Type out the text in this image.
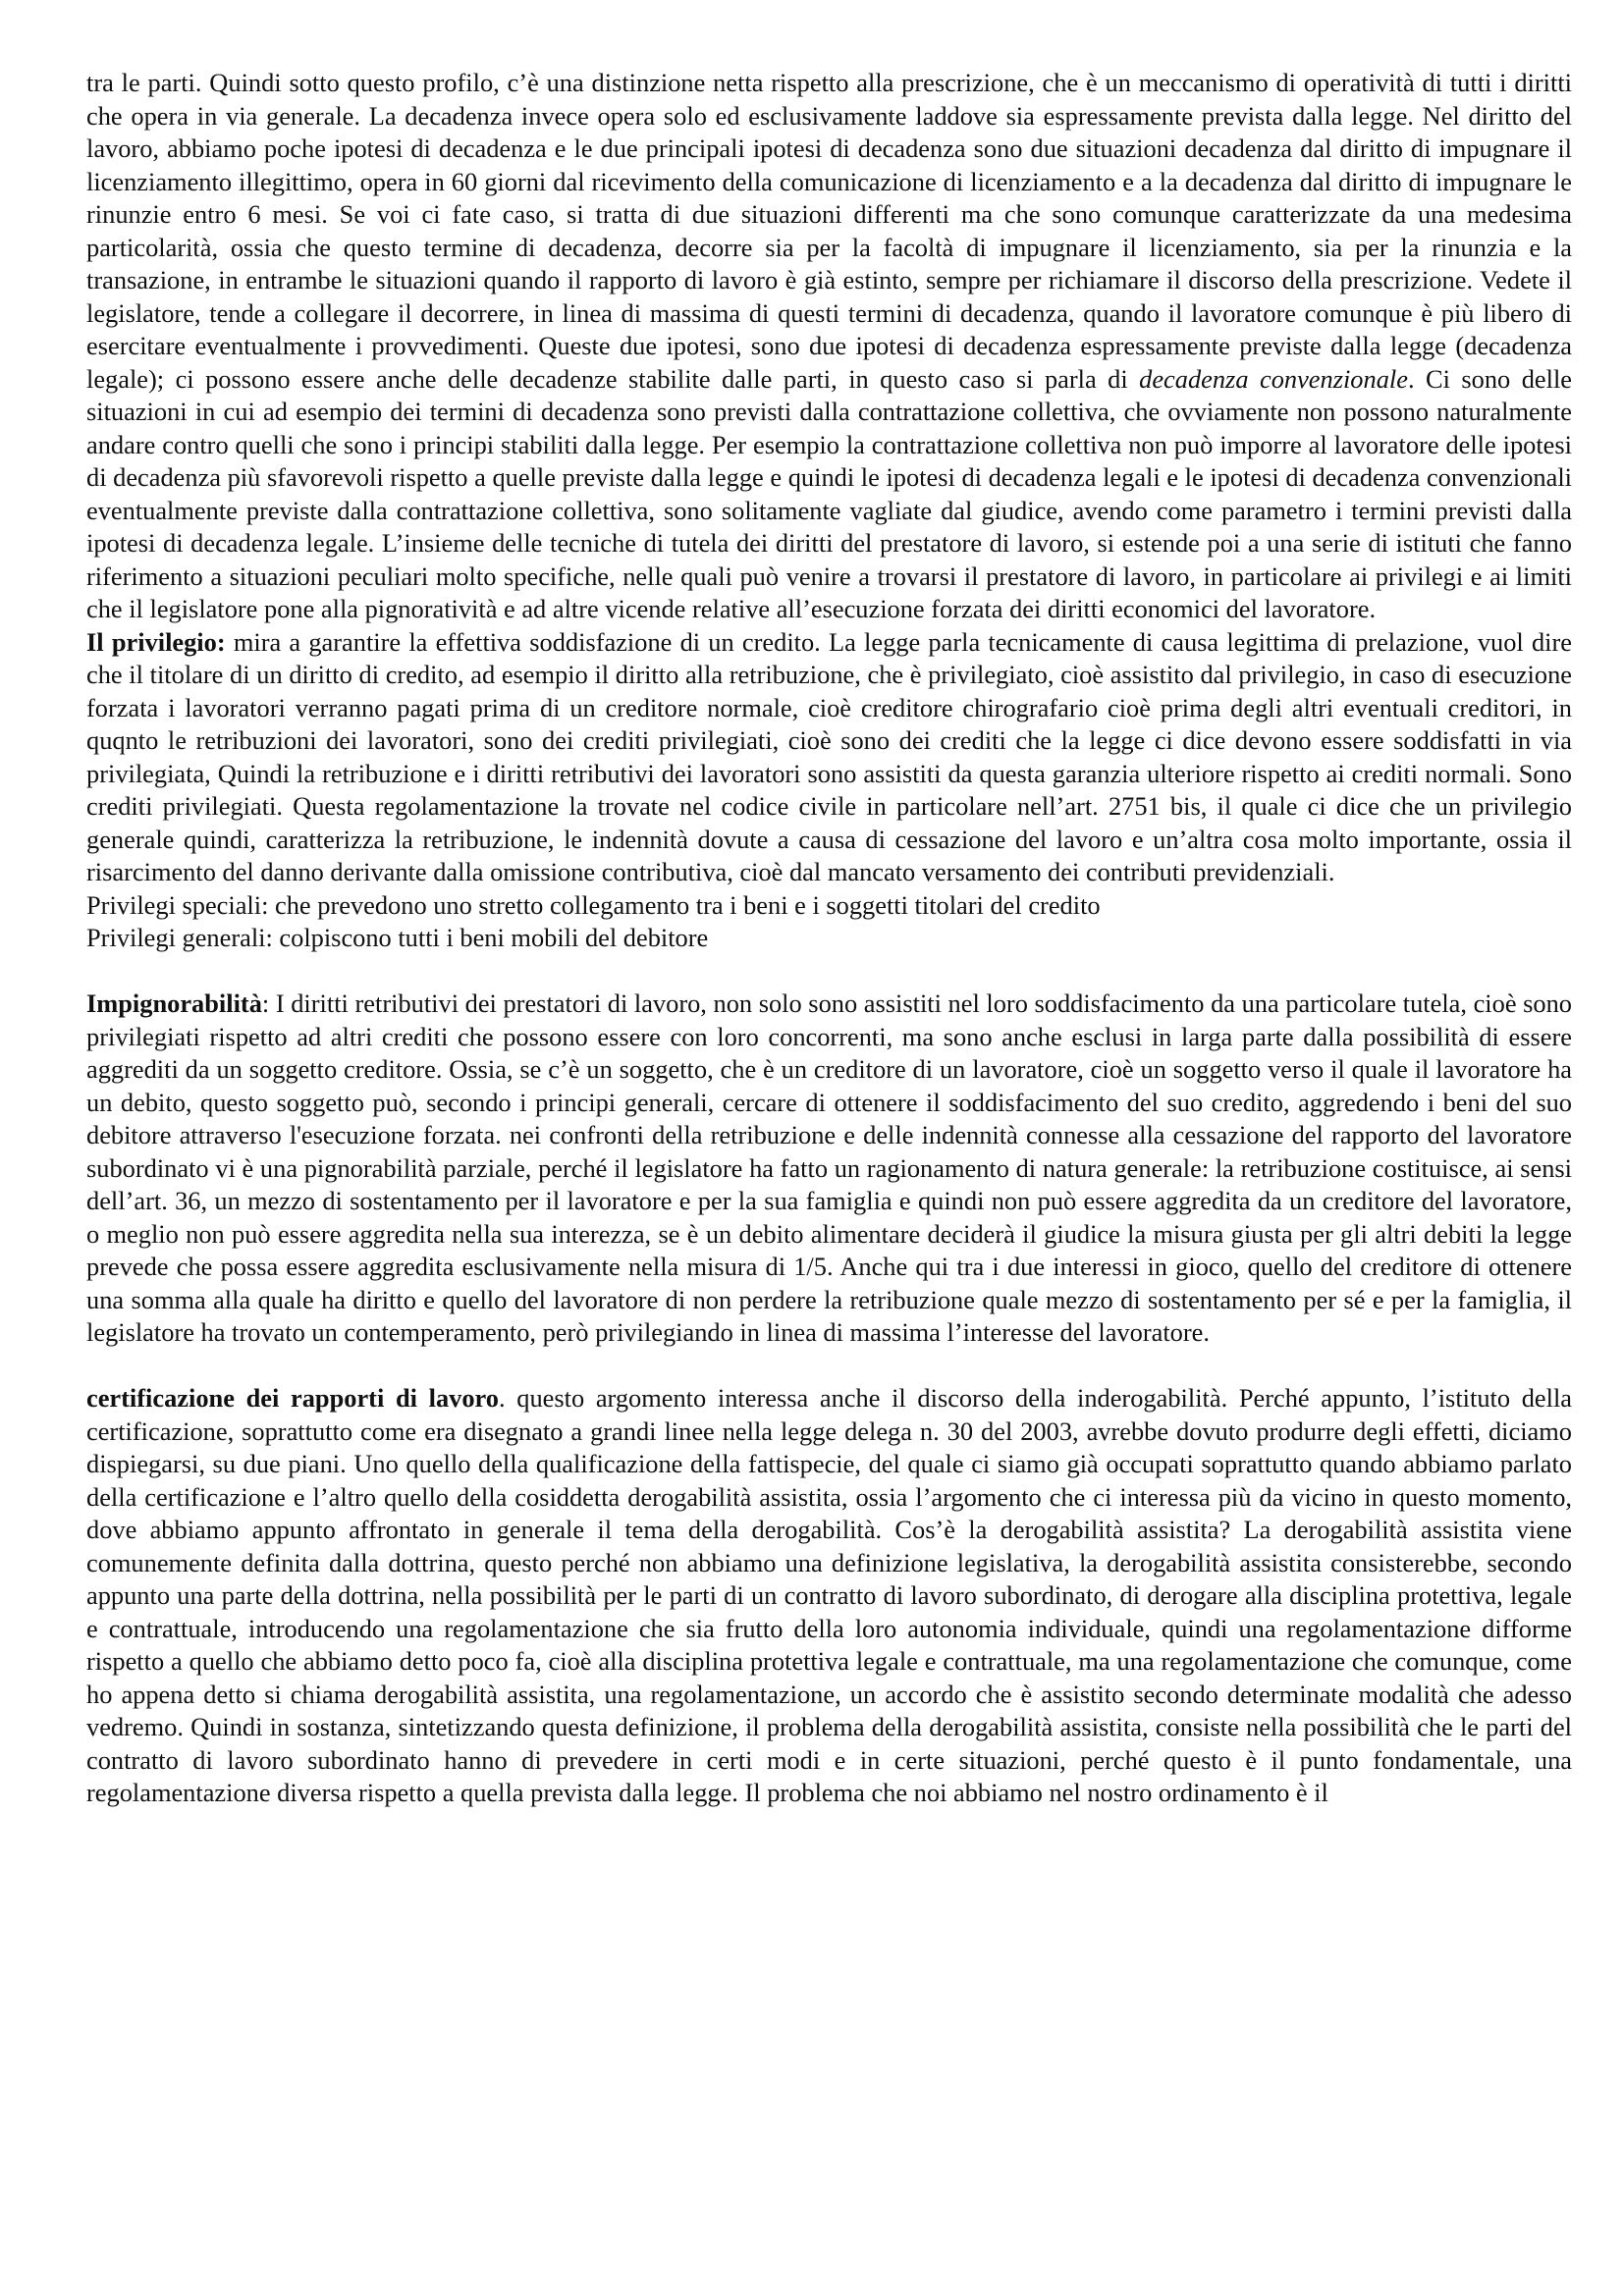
tra le parti. Quindi sotto questo profilo, c’è una distinzione netta rispetto alla prescrizione, che è un meccanismo di operatività di tutti i diritti che opera in via generale. La decadenza invece opera solo ed esclusivamente laddove sia espressamente prevista dalla legge. Nel diritto del lavoro, abbiamo poche ipotesi di decadenza e le due principali ipotesi di decadenza sono due situazioni decadenza dal diritto di impugnare il licenziamento illegittimo, opera in 60 giorni dal ricevimento della comunicazione di licenziamento e a la decadenza dal diritto di impugnare le rinunzie entro 6 mesi. Se voi ci fate caso, si tratta di due situazioni differenti ma che sono comunque caratterizzate da una medesima particolarità, ossia che questo termine di decadenza, decorre sia per la facoltà di impugnare il licenziamento, sia per la rinunzia e la transazione, in entrambe le situazioni quando il rapporto di lavoro è già estinto, sempre per richiamare il discorso della prescrizione. Vedete il legislatore, tende a collegare il decorrere, in linea di massima di questi termini di decadenza, quando il lavoratore comunque è più libero di esercitare eventualmente i provvedimenti. Queste due ipotesi, sono due ipotesi di decadenza espressamente previste dalla legge (decadenza legale); ci possono essere anche delle decadenze stabilite dalle parti, in questo caso si parla di decadenza convenzionale. Ci sono delle situazioni in cui ad esempio dei termini di decadenza sono previsti dalla contrattazione collettiva, che ovviamente non possono naturalmente andare contro quelli che sono i principi stabiliti dalla legge. Per esempio la contrattazione collettiva non può imporre al lavoratore delle ipotesi di decadenza più sfavorevoli rispetto a quelle previste dalla legge e quindi le ipotesi di decadenza legali e le ipotesi di decadenza convenzionali eventualmente previste dalla contrattazione collettiva, sono solitamente vagliate dal giudice, avendo come parametro i termini previsti dalla ipotesi di decadenza legale. L’insieme delle tecniche di tutela dei diritti del prestatore di lavoro, si estende poi a una serie di istituti che fanno riferimento a situazioni peculiari molto specifiche, nelle quali può venire a trovarsi il prestatore di lavoro, in particolare ai privilegi e ai limiti che il legislatore pone alla pignoratività e ad altre vicende relative all’esecuzione forzata dei diritti economici del lavoratore.

Il privilegio: mira a garantire la effettiva soddisfazione di un credito. La legge parla tecnicamente di causa legittima di prelazione, vuol dire che il titolare di un diritto di credito, ad esempio il diritto alla retribuzione, che è privilegiato, cioè assistito dal privilegio, in caso di esecuzione forzata i lavoratori verranno pagati prima di un creditore normale, cioè creditore chirografario cioè prima degli altri eventuali creditori, in quqnto le retribuzioni dei lavoratori, sono dei crediti privilegiati, cioè sono dei crediti che la legge ci dice devono essere soddisfatti in via privilegiata, Quindi la retribuzione e i diritti retributivi dei lavoratori sono assistiti da questa garanzia ulteriore rispetto ai crediti normali. Sono crediti privilegiati. Questa regolamentazione la trovate nel codice civile in particolare nell’art. 2751 bis, il quale ci dice che un privilegio generale quindi, caratterizza la retribuzione, le indennità dovute a causa di cessazione del lavoro e un’altra cosa molto importante, ossia il risarcimento del danno derivante dalla omissione contributiva, cioè dal mancato versamento dei contributi previdenziali.

Privilegi speciali: che prevedono uno stretto collegamento tra i beni e i soggetti titolari del credito

Privilegi generali: colpiscono tutti i beni mobili del debitore

Impignorabilità: I diritti retributivi dei prestatori di lavoro, non solo sono assistiti nel loro soddisfacimento da una particolare tutela, cioè sono privilegiati rispetto ad altri crediti che possono essere con loro concorrenti, ma sono anche esclusi in larga parte dalla possibilità di essere aggrediti da un soggetto creditore. Ossia, se c’è un soggetto, che è un creditore di un lavoratore, cioè un soggetto verso il quale il lavoratore ha un debito, questo soggetto può, secondo i principi generali, cercare di ottenere il soddisfacimento del suo credito, aggredendo i beni del suo debitore attraverso l'esecuzione forzata. nei confronti della retribuzione e delle indennità connesse alla cessazione del rapporto del lavoratore subordinato vi è una pignorabilità parziale, perché il legislatore ha fatto un ragionamento di natura generale: la retribuzione costituisce, ai sensi dell’art. 36, un mezzo di sostentamento per il lavoratore e per la sua famiglia e quindi non può essere aggredita da un creditore del lavoratore, o meglio non può essere aggredita nella sua interezza, se è un debito alimentare deciderà il giudice la misura giusta per gli altri debiti la legge prevede che possa essere aggredita esclusivamente nella misura di 1/5. Anche qui tra i due interessi in gioco, quello del creditore di ottenere una somma alla quale ha diritto e quello del lavoratore di non perdere la retribuzione quale mezzo di sostentamento per sé e per la famiglia, il legislatore ha trovato un contemperamento, però privilegiando in linea di massima l’interesse del lavoratore.

certificazione dei rapporti di lavoro. questo argomento interessa anche il discorso della inderogabilità. Perché appunto, l’istituto della certificazione, soprattutto come era disegnato a grandi linee nella legge delega n. 30 del 2003, avrebbe dovuto produrre degli effetti, diciamo dispiegarsi, su due piani. Uno quello della qualificazione della fattispecie, del quale ci siamo già occupati soprattutto quando abbiamo parlato della certificazione e l’altro quello della cosiddetta derogabilità assistita, ossia l’argomento che ci interessa più da vicino in questo momento, dove abbiamo appunto affrontato in generale il tema della derogabilità. Cos’è la derogabilità assistita? La derogabilità assistita viene comunemente definita dalla dottrina, questo perché non abbiamo una definizione legislativa, la derogabilità assistita consisterebbe, secondo appunto una parte della dottrina, nella possibilità per le parti di un contratto di lavoro subordinato, di derogare alla disciplina protettiva, legale e contrattuale, introducendo una regolamentazione che sia frutto della loro autonomia individuale, quindi una regolamentazione difforme rispetto a quello che abbiamo detto poco fa, cioè alla disciplina protettiva legale e contrattuale, ma una regolamentazione che comunque, come ho appena detto si chiama derogabilità assistita, una regolamentazione, un accordo che è assistito secondo determinate modalità che adesso vedremo. Quindi in sostanza, sintetizzando questa definizione, il problema della derogabilità assistita, consiste nella possibilità che le parti del contratto di lavoro subordinato hanno di prevedere in certi modi e in certe situazioni, perché questo è il punto fondamentale, una regolamentazione diversa rispetto a quella prevista dalla legge. Il problema che noi abbiamo nel nostro ordinamento è il
